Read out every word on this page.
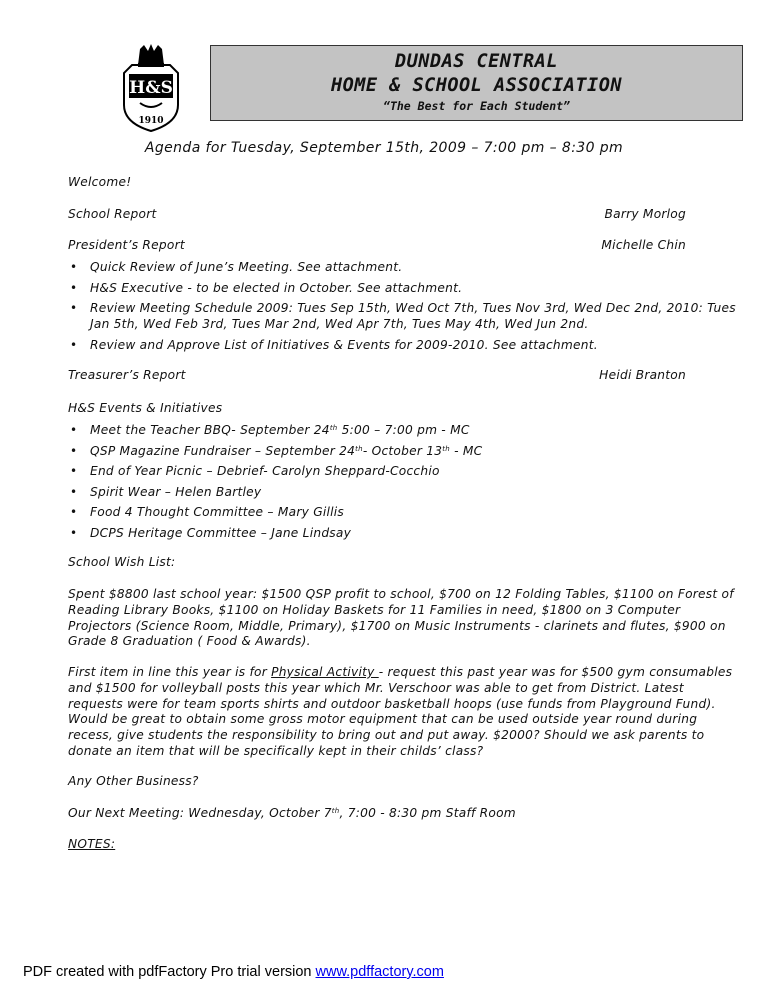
H&S
1910
DUNDAS CENTRAL
HOME & SCHOOL ASSOCIATION
“The Best for Each Student”
Agenda for Tuesday, September 15th, 2009 – 7:00 pm – 8:30 pm
Welcome!
School Report	Barry Morlog
President’s Report	Michelle Chin
• Quick Review of June’s Meeting. See attachment.
• H&S Executive - to be elected in October. See attachment.
• Review Meeting Schedule 2009: Tues Sep 15th, Wed Oct 7th, Tues Nov 3rd, Wed Dec 2nd, 2010: Tues Jan 5th, Wed Feb 3rd, Tues Mar 2nd, Wed Apr 7th, Tues May 4th, Wed Jun 2nd.
• Review and Approve List of Initiatives & Events for 2009-2010. See attachment.
Treasurer’s Report	Heidi Branton
H&S Events & Initiatives
• Meet the Teacher BBQ- September 24th 5:00 – 7:00 pm - MC
• QSP Magazine Fundraiser – September 24th- October 13th - MC
• End of Year Picnic – Debrief- Carolyn Sheppard-Cocchio
• Spirit Wear – Helen Bartley
• Food 4 Thought Committee – Mary Gillis
• DCPS Heritage Committee – Jane Lindsay
School Wish List:
Spent $8800 last school year: $1500 QSP profit to school, $700 on 12 Folding Tables, $1100 on Forest of Reading Library Books, $1100 on Holiday Baskets for 11 Families in need, $1800 on 3 Computer Projectors (Science Room, Middle, Primary), $1700 on Music Instruments - clarinets and flutes, $900 on Grade 8 Graduation ( Food & Awards).
First item in line this year is for Physical Activity - request this past year was for $500 gym consumables and $1500 for volleyball posts this year which Mr. Verschoor was able to get from District. Latest requests were for team sports shirts and outdoor basketball hoops (use funds from Playground Fund). Would be great to obtain some gross motor equipment that can be used outside year round during recess, give students the responsibility to bring out and put away. $2000? Should we ask parents to donate an item that will be specifically kept in their childs’ class?
Any Other Business?
Our Next Meeting: Wednesday, October 7th, 7:00 - 8:30 pm Staff Room
NOTES:
PDF created with pdfFactory Pro trial version www.pdffactory.com
